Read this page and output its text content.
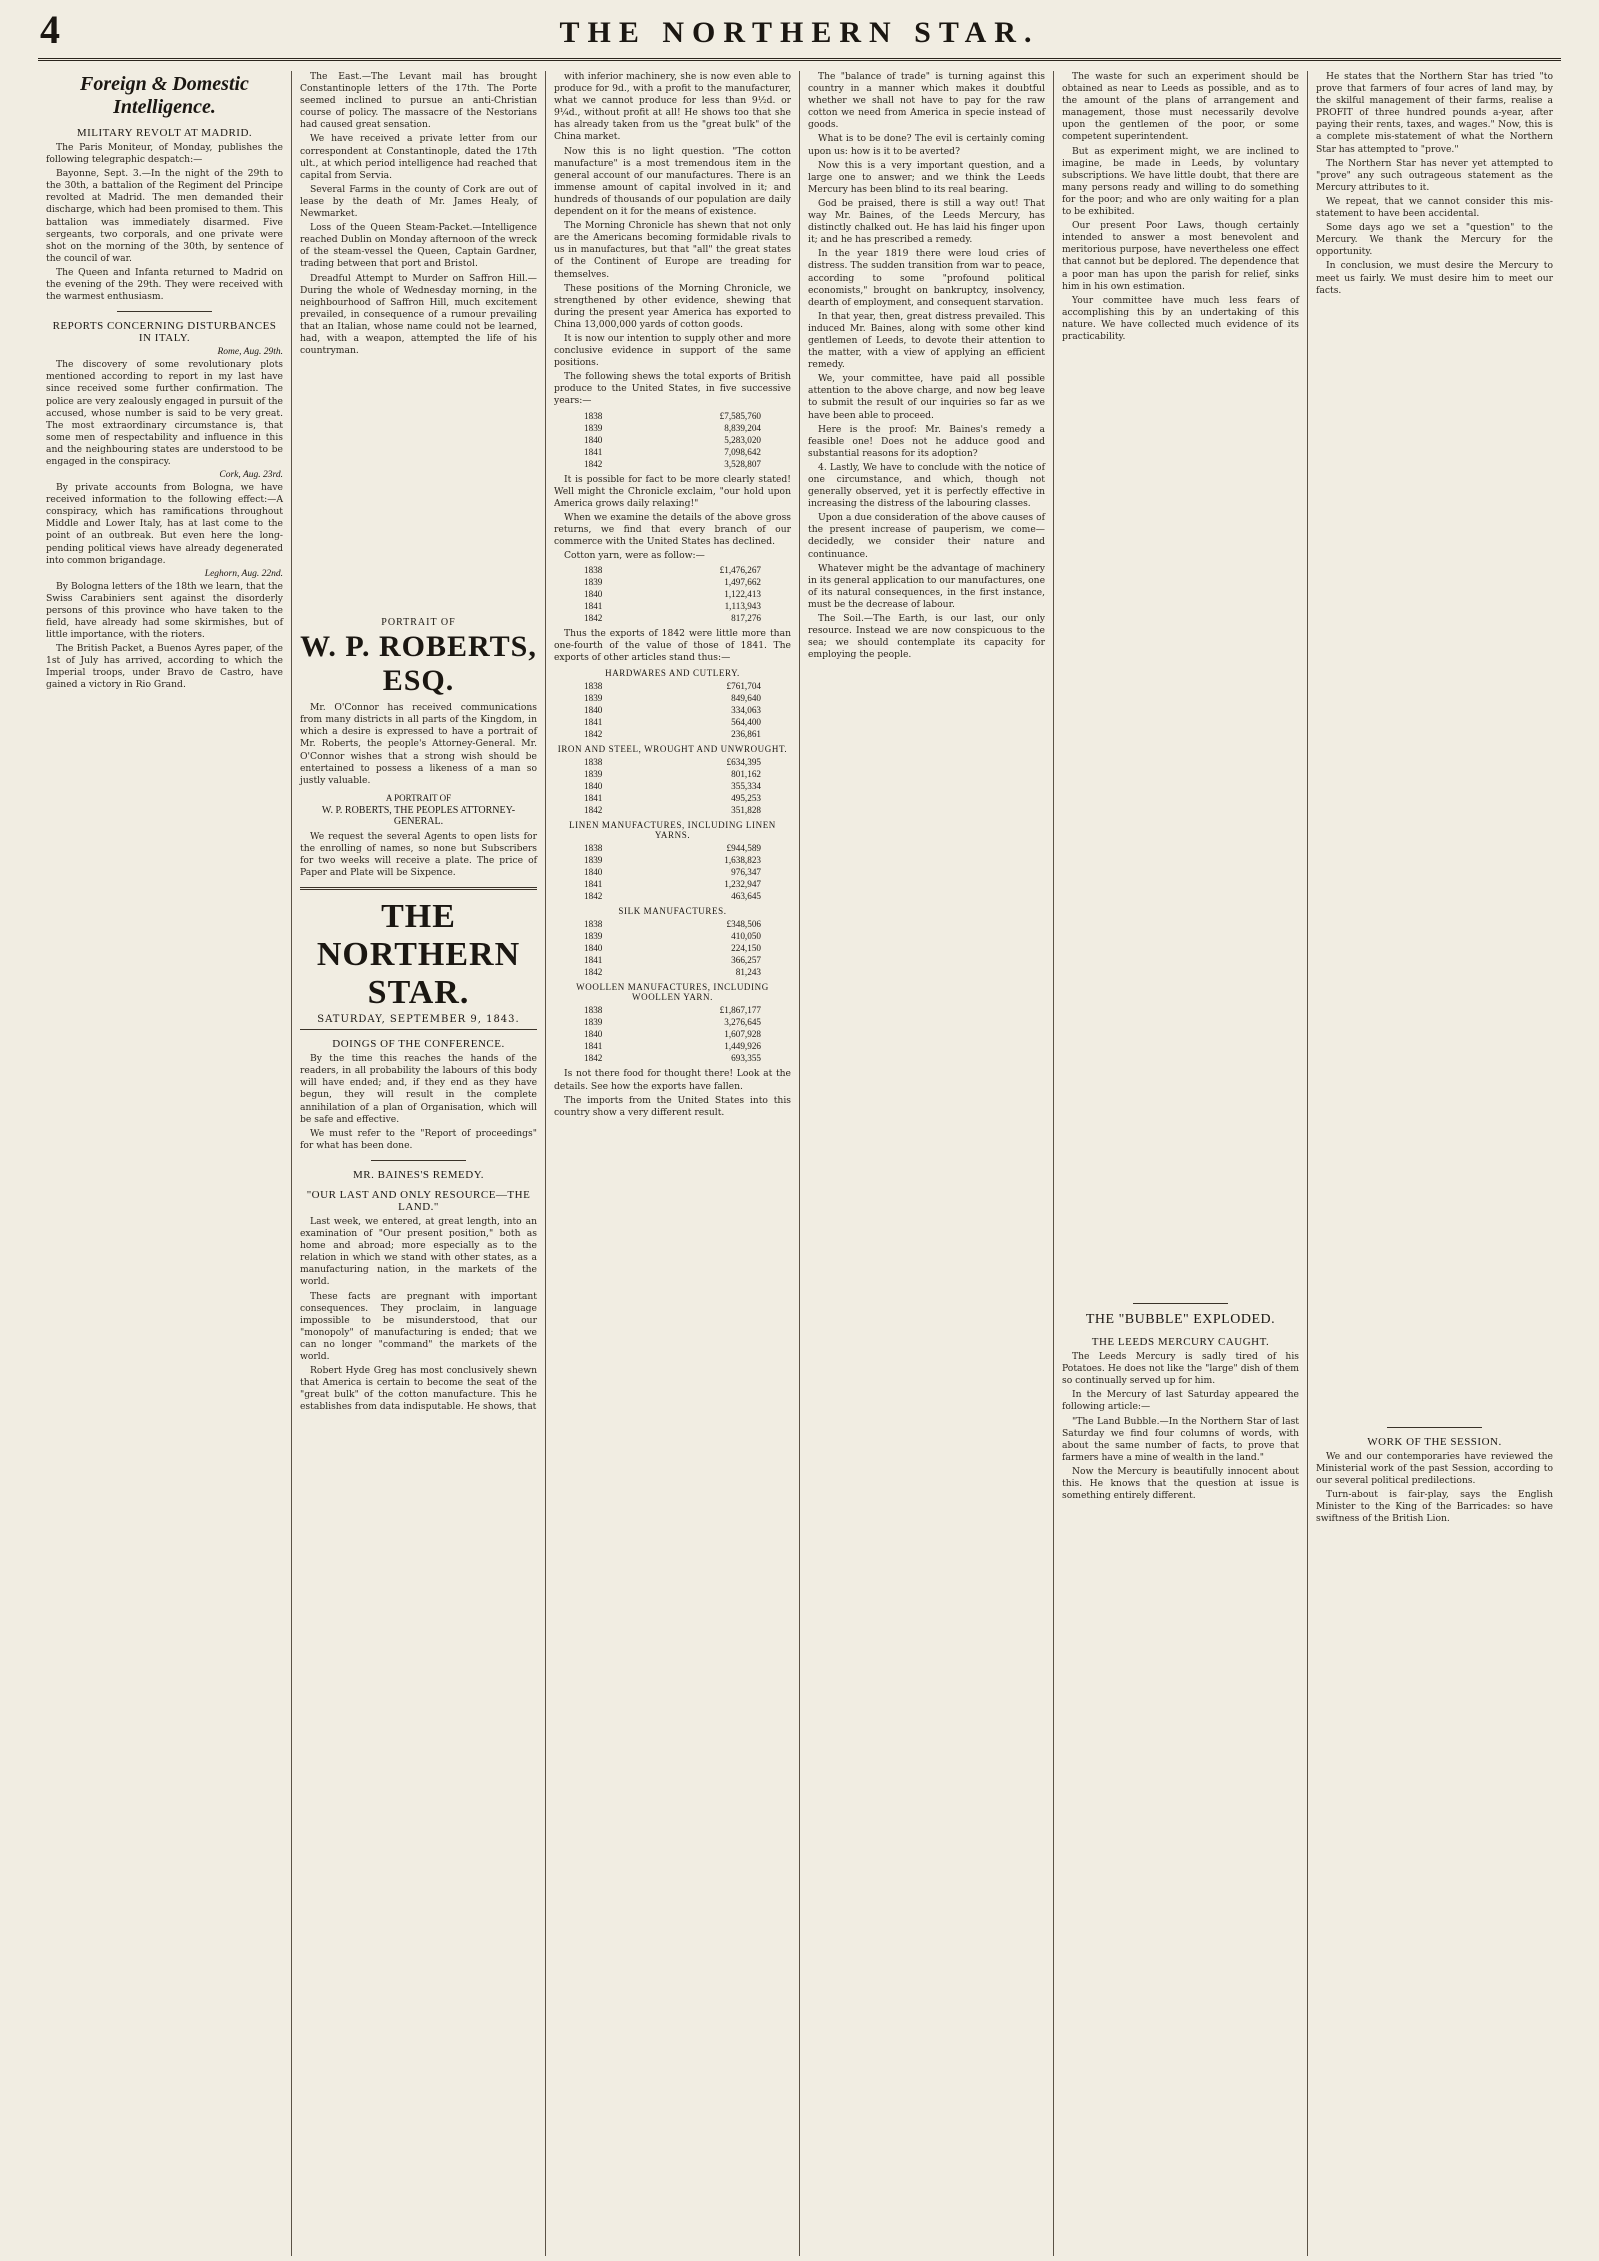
4	THE NORTHERN STAR.
Foreign & Domestic Intelligence.
MILITARY REVOLT AT MADRID.

The Paris Moniteur, of Monday, publishes the following telegraphic despatch:—

Bayonne, Sept. 3.—In the night of the 29th to the 30th, a battalion of the Regiment del Principe revolted at Madrid. The men demanded their discharge, which had been promised to them. This battalion was immediately disarmed. Five sergeants, two corporals, and one private were shot on the morning of the 30th, by sentence of the council of war.

The Queen and Infanta returned to Madrid on the evening of the 29th. They were received with the warmest enthusiasm.

REPORTS CONCERNING DISTURBANCES IN ITALY.
Rome, Aug. 29th.

The discovery of some revolutionary plots mentioned according to report in my last have since received some further confirmation. The police are very zealously engaged in pursuit of the accused, whose number is said to be very great. The most extraordinary circumstance is, that some men of respectability and influence in this and the neighbouring states are understood to be engaged in the conspiracy.

Cork, Aug. 23rd.

By private accounts from Bologna, we have received information to the following effect:—A conspiracy, which has ramifications throughout Middle and Lower Italy, has at last come to the point of an outbreak. But even here the long-pending political views have already degenerated into common brigandage.

Leghorn, Aug. 22nd.

By Bologna letters of the 18th we learn, that the Swiss Carabiniers sent against the disorderly persons of this province who have taken to the field, have already had some skirmishes, but of little importance, with the rioters.

The British Packet, a Buenos Ayres paper, of the 1st of July has arrived, according to which the Imperial troops, under Bravo de Castro, have gained a victory in Rio Grand.

The East.—The Levant mail has brought Constantinople letters of the 17th. The Porte seemed inclined to pursue an anti-Christian course of policy. The massacre of the Nestorians had caused great sensation.

We have received a private letter from our correspondent at Constantinople, dated the 17th ult., at which period intelligence had reached that capital from Servia.

Several Farms in the county of Cork are out of lease by the death of Mr. James Healy, of Newmarket.

Loss of the Queen Steam-Packet.—Intelligence reached Dublin on Monday afternoon of the wreck of the steam-vessel the Queen, Captain Gardner, trading between that port and Bristol.

Dreadful Attempt to Murder on Saffron Hill.—During the whole of Wednesday morning, in the neighbourhood of Saffron Hill, much excitement prevailed, in consequence of a rumour prevailing that an Italian, whose name could not be learned, had, with a weapon, attempted the life of his countryman.

PORTRAIT OF
W. P. ROBERTS, ESQ.

Mr. O'Connor has received communications from many districts in all parts of the Kingdom, in which a desire is expressed to have a portrait of Mr. Roberts, the people's Attorney-General. Mr. O'Connor wishes that a strong wish should be entertained to possess a likeness of a man so justly valuable.

A PORTRAIT OF
W. P. ROBERTS, THE PEOPLES ATTORNEY-GENERAL.

We request the several Agents to open lists for the enrolling of names, so none but Subscribers for two weeks will receive a plate. The price of Paper and Plate will be Sixpence.

THE NORTHERN STAR.
SATURDAY, SEPTEMBER 9, 1843.
DOINGS OF THE CONFERENCE.

By the time this reaches the hands of the readers, in all probability the labours of this body will have ended; and, if they end as they have begun, they will result in the complete annihilation of a plan of Organisation, which will be safe and effective.

We must refer to the "Report of proceedings" for what has been done.

MR. BAINES'S REMEDY.
"OUR LAST AND ONLY RESOURCE—THE LAND."

Last week, we entered, at great length, into an examination of "Our present position," both as home and abroad; more especially as to the relation in which we stand with other states, as a manufacturing nation, in the markets of the world.

These facts are pregnant with important consequences. They proclaim, in language impossible to be misunderstood, that our "monopoly" of manufacturing is ended; that we can no longer "command" the markets of the world.

Robert Hyde Greg has most conclusively shewn that America is certain to become the seat of the "great bulk" of the cotton manufacture. This he establishes from data indisputable. He shows, that

with inferior machinery, she is now even able to produce for 9d., with a profit to the manufacturer, what we cannot produce for less than 9½d. or 9¼d., without profit at all! He shows too that she has already taken from us the "great bulk" of the China market.

Now this is no light question. "The cotton manufacture" is a most tremendous item in the general account of our manufactures. There is an immense amount of capital involved in it; and hundreds of thousands of our population are daily dependent on it for the means of existence.

The Morning Chronicle has shewn that not only are the Americans becoming formidable rivals to us in manufactures, but that "all" the great states of the Continent of Europe are treading for themselves.

These positions of the Morning Chronicle, we strengthened by other evidence, shewing that during the present year America has exported to China 13,000,000 yards of cotton goods.

It is now our intention to supply other and more conclusive evidence in support of the same positions.

The following shews the total exports of British produce to the United States, in five successive years:—

1838	£7,585,760
1839	8,839,204
1840	5,283,020
1841	7,098,642
1842	3,528,807

It is possible for fact to be more clearly stated! Well might the Chronicle exclaim, "our hold upon America grows daily relaxing!"

When we examine the details of the above gross returns, we find that every branch of our commerce with the United States has declined.

Cotton yarn, were as follow:—

1838	£1,476,267
1839	1,497,662
1840	1,122,413
1841	1,113,943
1842	817,276

Thus the exports of 1842 were little more than one-fourth of the value of those of 1841. The exports of other articles stand thus:—

HARDWARES AND CUTLERY.
1838	£761,704
1839	849,640
1840	334,063
1841	564,400
1842	236,861
IRON AND STEEL, WROUGHT AND UNWROUGHT.
1838	£634,395
1839	801,162
1840	355,334
1841	495,253
1842	351,828
LINEN MANUFACTURES, INCLUDING LINEN YARNS.
1838	£944,589
1839	1,638,823
1840	976,347
1841	1,232,947
1842	463,645
SILK MANUFACTURES.
1838	£348,506
1839	410,050
1840	224,150
1841	366,257
1842	81,243
WOOLLEN MANUFACTURES, INCLUDING WOOLLEN YARN.
1838	£1,867,177
1839	3,276,645
1840	1,607,928
1841	1,449,926
1842	693,355

Is not there food for thought there! Look at the details. See how the exports have fallen.

The imports from the United States into this country show a very different result.

The "balance of trade" is turning against this country in a manner which makes it doubtful whether we shall not have to pay for the raw cotton we need from America in specie instead of goods.

What is to be done? The evil is certainly coming upon us: how is it to be averted?

Now this is a very important question, and a large one to answer; and we think the Leeds Mercury has been blind to its real bearing.

God be praised, there is still a way out! That way Mr. Baines, of the Leeds Mercury, has distinctly chalked out. He has laid his finger upon it; and he has prescribed a remedy.

In the year 1819 there were loud cries of distress. The sudden transition from war to peace, according to some "profound political economists," brought on bankruptcy, insolvency, dearth of employment, and consequent starvation.

In that year, then, great distress prevailed. This induced Mr. Baines, along with some other kind gentlemen of Leeds, to devote their attention to the matter, with a view of applying an efficient remedy.

We, your committee, have paid all possible attention to the above charge, and now beg leave to submit the result of our inquiries so far as we have been able to proceed.

Here is the proof: Mr. Baines's remedy a feasible one! Does not he adduce good and substantial reasons for its adoption?

4. Lastly, We have to conclude with the notice of one circumstance, and which, though not generally observed, yet it is perfectly effective in increasing the distress of the labouring classes.

Upon a due consideration of the above causes of the present increase of pauperism, we come—decidedly, we consider their nature and continuance.

Whatever might be the advantage of machinery in its general application to our manufactures, one of its natural consequences, in the first instance, must be the decrease of labour.

The Soil.—The Earth, is our last, our only resource. Instead we are now conspicuous to the sea; we should contemplate its capacity for employing the people.

The waste for such an experiment should be obtained as near to Leeds as possible, and as to the amount of the plans of arrangement and management, those must necessarily devolve upon the gentlemen of the poor, or some competent superintendent.

But as experiment might, we are inclined to imagine, be made in Leeds, by voluntary subscriptions. We have little doubt, that there are many persons ready and willing to do something for the poor; and who are only waiting for a plan to be exhibited.

Our present Poor Laws, though certainly intended to answer a most benevolent and meritorious purpose, have nevertheless one effect that cannot but be deplored. The dependence that a poor man has upon the parish for relief, sinks him in his own estimation.

Your committee have much less fears of accomplishing this by an undertaking of this nature. We have collected much evidence of its practicability.

THE "BUBBLE" EXPLODED.
THE LEEDS MERCURY CAUGHT.

The Leeds Mercury is sadly tired of his Potatoes. He does not like the "large" dish of them so continually served up for him.

In the Mercury of last Saturday appeared the following article:—

"The Land Bubble.—In the Northern Star of last Saturday we find four columns of words, with about the same number of facts, to prove that farmers have a mine of wealth in the land."

Now the Mercury is beautifully innocent about this. He knows that the question at issue is something entirely different.

He states that the Northern Star has tried "to prove that farmers of four acres of land may, by the skilful management of their farms, realise a PROFIT of three hundred pounds a-year, after paying their rents, taxes, and wages." Now, this is a complete mis-statement of what the Northern Star has attempted to "prove."

The Northern Star has never yet attempted to "prove" any such outrageous statement as the Mercury attributes to it.

We repeat, that we cannot consider this mis-statement to have been accidental.

Some days ago we set a "question" to the Mercury. We thank the Mercury for the opportunity.

In conclusion, we must desire the Mercury to meet us fairly. We must desire him to meet our facts.

WORK OF THE SESSION.

We and our contemporaries have reviewed the Ministerial work of the past Session, according to our several political predilections.

Turn-about is fair-play, says the English Minister to the King of the Barricades: so have swiftness of the British Lion.
